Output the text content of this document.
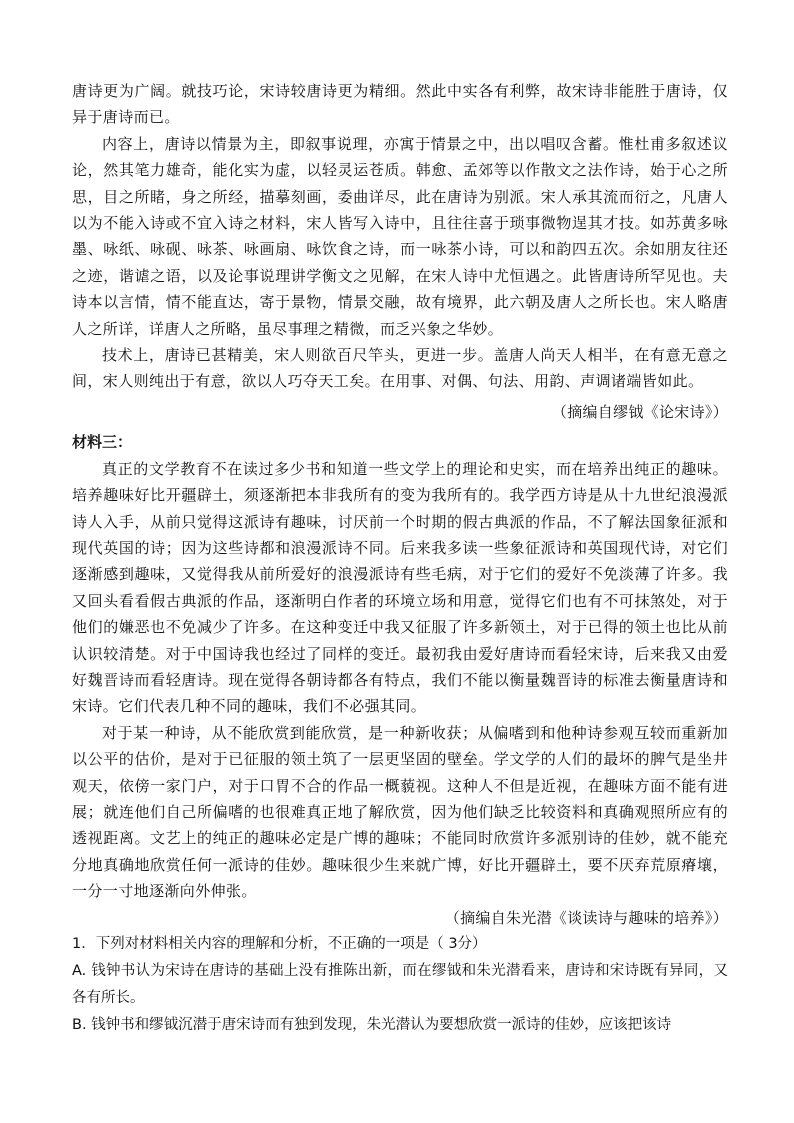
唐诗更为广阔。就技巧论，宋诗较唐诗更为精细。然此中实各有利弊，故宋诗非能胜于唐诗，仅异于唐诗而已。

内容上，唐诗以情景为主，即叙事说理，亦寓于情景之中，出以唱叹含蓄。惟杜甫多叙述议论，然其笔力雄奇，能化实为虚，以轻灵运苍质。韩愈、孟郊等以作散文之法作诗，始于心之所思，目之所睹，身之所经，描摹刻画，委曲详尽，此在唐诗为别派。宋人承其流而衍之，凡唐人以为不能入诗或不宜入诗之材料，宋人皆写入诗中，且往往喜于琐事微物逞其才技。如苏黄多咏墨、咏纸、咏砚、咏茶、咏画扇、咏饮食之诗，而一咏茶小诗，可以和韵四五次。余如朋友往还之迹，谐谑之语，以及论事说理讲学衡文之见解，在宋人诗中尤恒遇之。此皆唐诗所罕见也。夫诗本以言情，情不能直达，寄于景物，情景交融，故有境界，此六朝及唐人之所长也。宋人略唐人之所详，详唐人之所略，虽尽事理之精微，而乏兴象之华妙。

技术上，唐诗已甚精美，宋人则欲百尺竿头，更进一步。盖唐人尚天人相半，在有意无意之间，宋人则纯出于有意，欲以人巧夺天工矣。在用事、对偶、句法、用韵、声调诸端皆如此。

（摘编自缪钺《论宋诗》）

材料三：

真正的文学教育不在读过多少书和知道一些文学上的理论和史实，而在培养出纯正的趣味。培养趣味好比开疆辟土，须逐渐把本非我所有的变为我所有的。我学西方诗是从十九世纪浪漫派诗人入手，从前只觉得这派诗有趣味，讨厌前一个时期的假古典派的作品，不了解法国象征派和现代英国的诗；因为这些诗都和浪漫派诗不同。后来我多读一些象征派诗和英国现代诗，对它们逐渐感到趣味，又觉得我从前所爱好的浪漫派诗有些毛病，对于它们的爱好不免淡薄了许多。我又回头看看假古典派的作品，逐渐明白作者的环境立场和用意，觉得它们也有不可抹煞处，对于他们的嫌恶也不免减少了许多。在这种变迁中我又征服了许多新领土，对于已得的领土也比从前认识较清楚。对于中国诗我也经过了同样的变迁。最初我由爱好唐诗而看轻宋诗，后来我又由爱好魏晋诗而看轻唐诗。现在觉得各朝诗都各有特点，我们不能以衡量魏晋诗的标准去衡量唐诗和宋诗。它们代表几种不同的趣味，我们不必强其同。

对于某一种诗，从不能欣赏到能欣赏，是一种新收获；从偏嗜到和他种诗参观互较而重新加以公平的估价，是对于已征服的领土筑了一层更坚固的壁垒。学文学的人们的最坏的脾气是坐井观天，依傍一家门户，对于口胃不合的作品一概藐视。这种人不但是近视，在趣味方面不能有进展；就连他们自己所偏嗜的也很难真正地了解欣赏，因为他们缺乏比较资料和真确观照所应有的透视距离。文艺上的纯正的趣味必定是广博的趣味；不能同时欣赏许多派别诗的佳妙，就不能充分地真确地欣赏任何一派诗的佳妙。趣味很少生来就广博，好比开疆辟土，要不厌弃荒原瘠壤，一分一寸地逐渐向外伸张。

（摘编自朱光潜《谈读诗与趣味的培养》）

1．下列对材料相关内容的理解和分析，不正确的一项是（ 3分）

A. 钱钟书认为宋诗在唐诗的基础上没有推陈出新，而在缪钺和朱光潜看来，唐诗和宋诗既有异同，又各有所长。

B. 钱钟书和缪钺沉潜于唐宋诗而有独到发现，朱光潜认为要想欣赏一派诗的佳妙，应该把该诗
